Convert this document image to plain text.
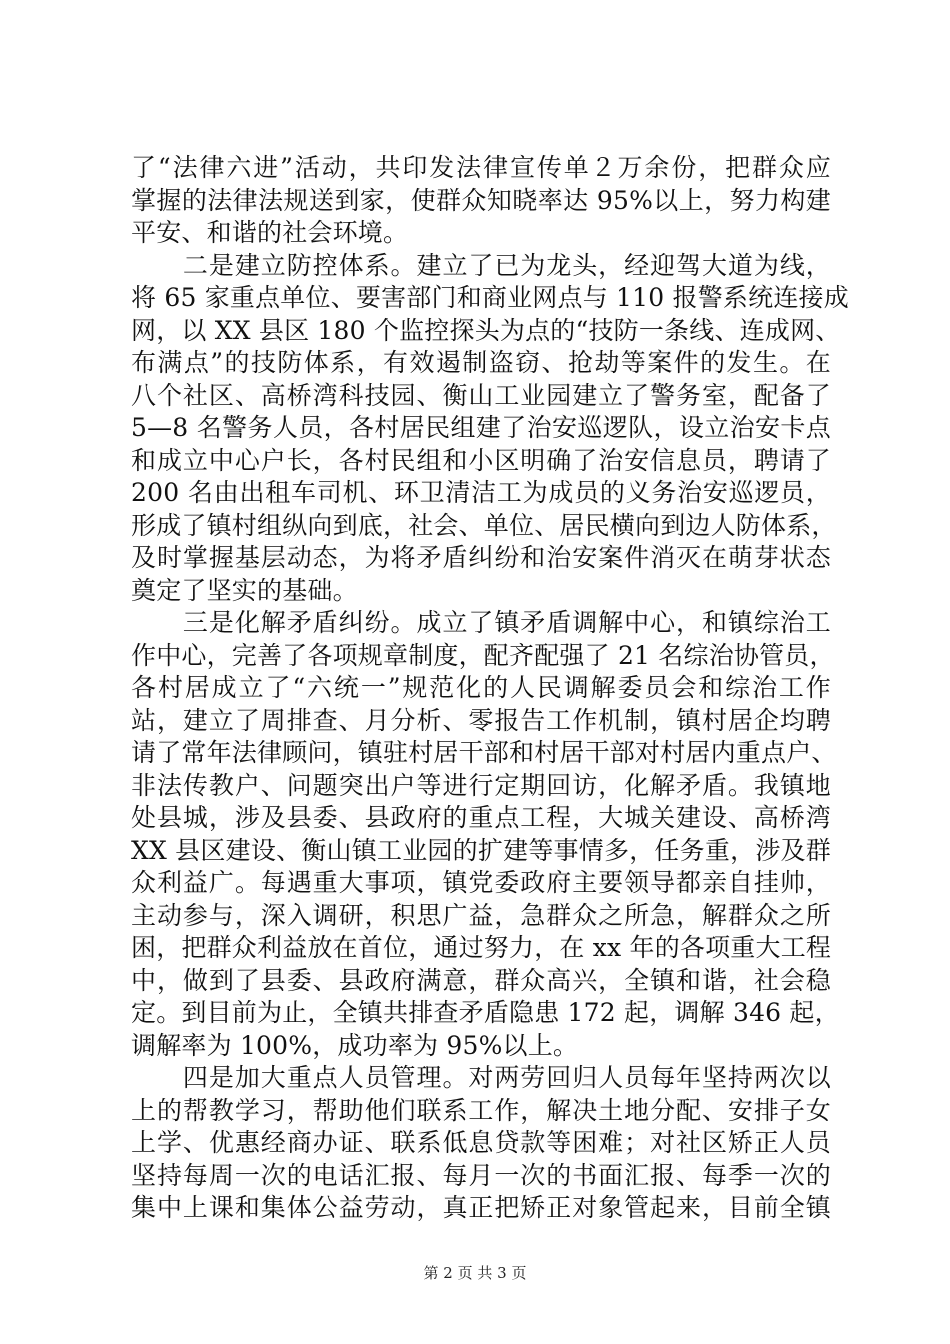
了“法律六进”活动，共印发法律宣传单２万余份，把群众应
掌握的法律法规送到家，使群众知晓率达 95%以上，努力构建
平安、和谐的社会环境。
　　二是建立防控体系。建立了已为龙头，经迎驾大道为线，
将 65 家重点单位、要害部门和商业网点与 110 报警系统连接成
网，以 XX 县区 180 个监控探头为点的“技防一条线、连成网、
布满点”的技防体系，有效遏制盗窃、抢劫等案件的发生。在
八个社区、高桥湾科技园、衡山工业园建立了警务室，配备了
5—8 名警务人员，各村居民组建了治安巡逻队，设立治安卡点
和成立中心户长，各村民组和小区明确了治安信息员，聘请了
200 名由出租车司机、环卫清洁工为成员的义务治安巡逻员，
形成了镇村组纵向到底，社会、单位、居民横向到边人防体系，
及时掌握基层动态，为将矛盾纠纷和治安案件消灭在萌芽状态
奠定了坚实的基础。
　　三是化解矛盾纠纷。成立了镇矛盾调解中心，和镇综治工
作中心，完善了各项规章制度，配齐配强了 21 名综治协管员，
各村居成立了“六统一”规范化的人民调解委员会和综治工作
站，建立了周排查、月分析、零报告工作机制，镇村居企均聘
请了常年法律顾问，镇驻村居干部和村居干部对村居内重点户、
非法传教户、问题突出户等进行定期回访，化解矛盾。我镇地
处县城，涉及县委、县政府的重点工程，大城关建设、高桥湾
XX 县区建设、衡山镇工业园的扩建等事情多，任务重，涉及群
众利益广。每遇重大事项，镇党委政府主要领导都亲自挂帅，
主动参与，深入调研，积思广益，急群众之所急，解群众之所
困，把群众利益放在首位，通过努力，在 xx 年的各项重大工程
中，做到了县委、县政府满意，群众高兴，全镇和谐，社会稳
定。到目前为止，全镇共排查矛盾隐患 172 起，调解 346 起，
调解率为 100%，成功率为 95%以上。
　　四是加大重点人员管理。对两劳回归人员每年坚持两次以
上的帮教学习，帮助他们联系工作，解决土地分配、安排子女
上学、优惠经商办证、联系低息贷款等困难；对社区矫正人员
坚持每周一次的电话汇报、每月一次的书面汇报、每季一次的
集中上课和集体公益劳动，真正把矫正对象管起来，目前全镇
第 2 页 共 3 页
